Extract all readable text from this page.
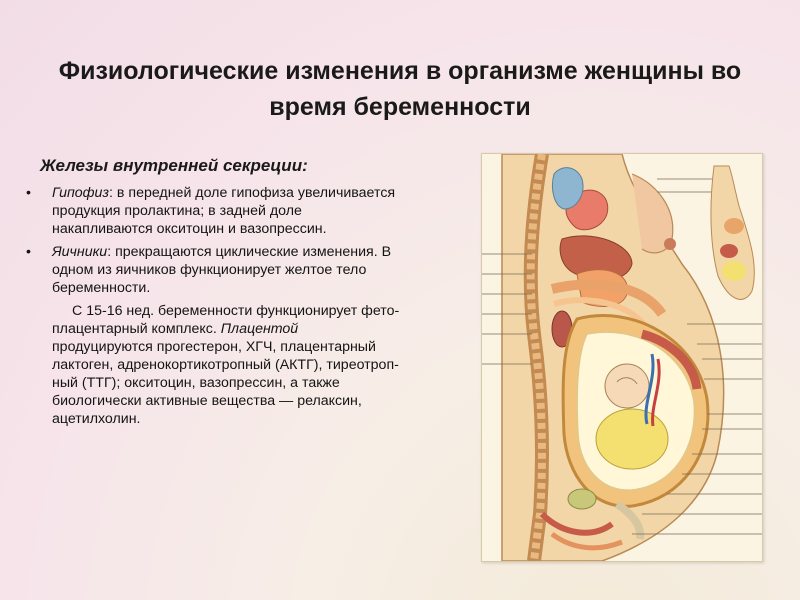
Физиологические изменения в организме женщины во время беременности
Железы внутренней секреции:
• Гипофиз: в передней доле гипофиза увеличивается продукция пролактина; в задней доле накапливаются окситоцин и вазопрессин.
• Яичники: прекращаются циклические изменения. В одном из яичников функционирует желтое тело беременности.
С 15-16 нед. беременности функционирует фето-плацентарный комплекс. Плацентой продуцируются прогестерон, ХГЧ, плацентарный лактоген, адренокортикотропный (АКТГ), тиреотроп-ный (ТТГ); окситоцин, вазопрессин, а также биологически активные вещества — релаксин, ацетилхолин.
